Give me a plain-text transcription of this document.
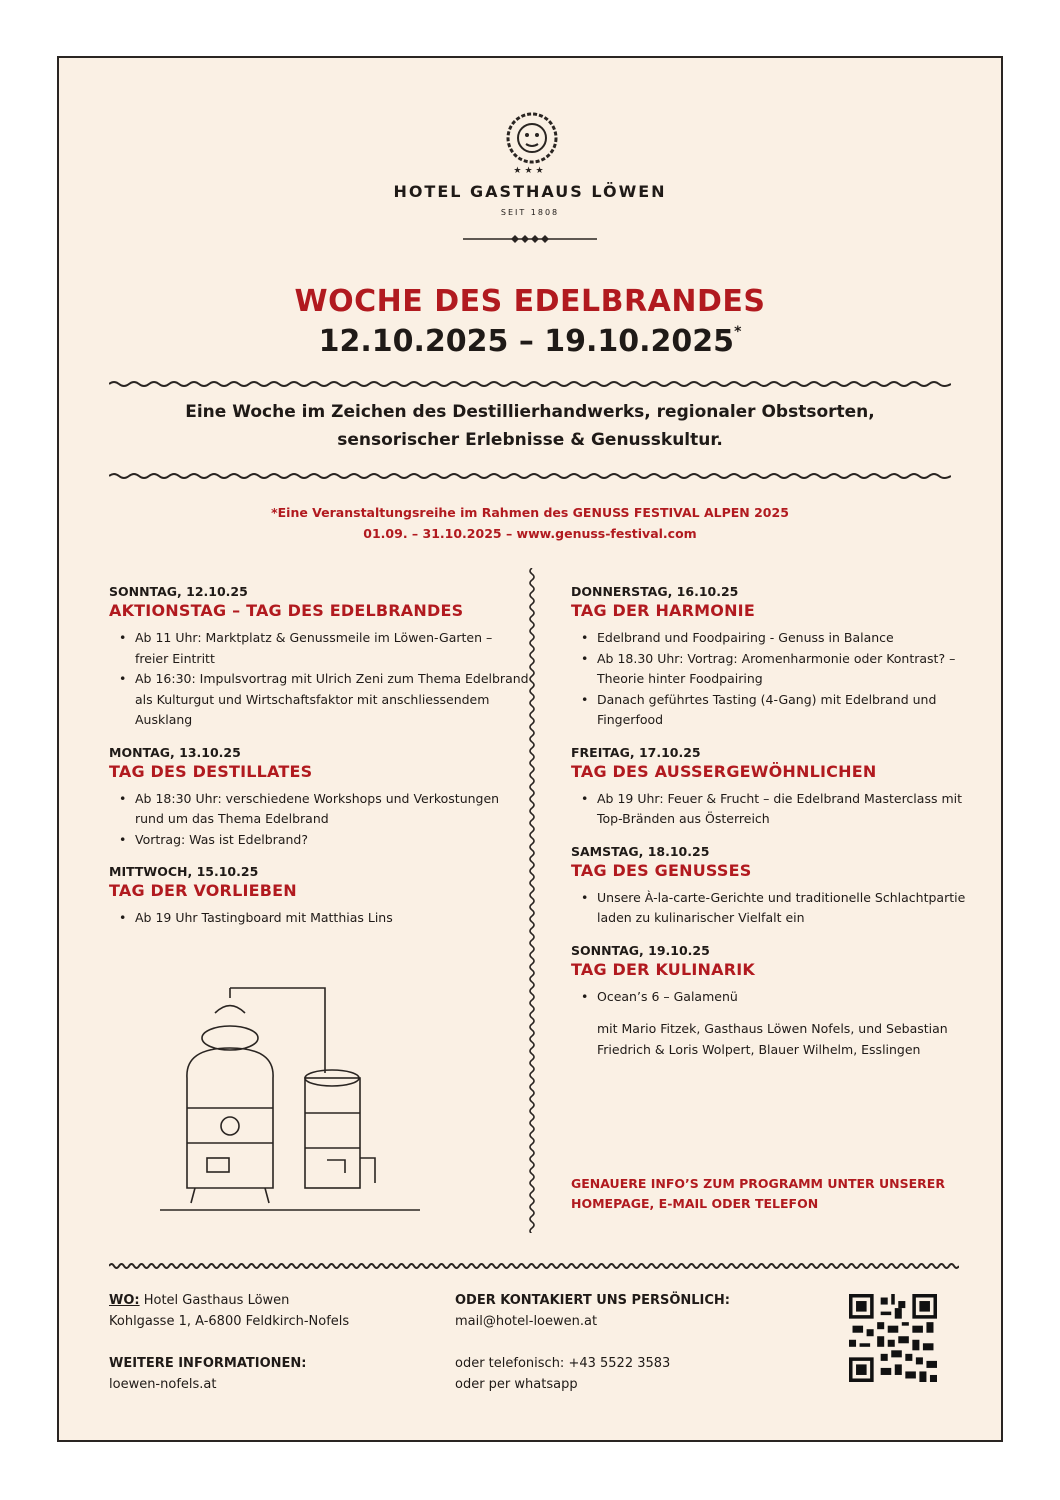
★★★
HOTEL GASTHAUS LÖWEN
SEIT 1808
WOCHE DES EDELBRANDES
12.10.2025 – 19.10.2025*
Eine Woche im Zeichen des Destillierhandwerks, regionaler Obstsorten,
sensorischer Erlebnisse & Genusskultur.
*Eine Veranstaltungsreihe im Rahmen des GENUSS FESTIVAL ALPEN 2025
01.09. – 31.10.2025 – www.genuss-festival.com
SONNTAG, 12.10.25
AKTIONSTAG – TAG DES EDELBRANDES
• Ab 11 Uhr: Marktplatz & Genussmeile im Löwen-Garten – freier Eintritt
• Ab 16:30: Impulsvortrag mit Ulrich Zeni zum Thema Edelbrand als Kulturgut und Wirtschaftsfaktor mit anschliessendem Ausklang
MONTAG, 13.10.25
TAG DES DESTILLATES
• Ab 18:30 Uhr: verschiedene Workshops und Verkostungen rund um das Thema Edelbrand
• Vortrag: Was ist Edelbrand?
MITTWOCH, 15.10.25
TAG DER VORLIEBEN
• Ab 19 Uhr Tastingboard mit Matthias Lins
DONNERSTAG, 16.10.25
TAG DER HARMONIE
• Edelbrand und Foodpairing - Genuss in Balance
• Ab 18.30 Uhr: Vortrag: Aromenharmonie oder Kontrast? – Theorie hinter Foodpairing
• Danach geführtes Tasting (4-Gang) mit Edelbrand und Fingerfood
FREITAG, 17.10.25
TAG DES AUSSERGEWÖHNLICHEN
• Ab 19 Uhr: Feuer & Frucht – die Edelbrand Masterclass mit Top-Bränden aus Österreich
SAMSTAG, 18.10.25
TAG DES GENUSSES
• Unsere À-la-carte-Gerichte und traditionelle Schlachtpartie laden zu kulinarischer Vielfalt ein
SONNTAG, 19.10.25
TAG DER KULINARIK
• Ocean’s 6 – Galamenü
mit Mario Fitzek, Gasthaus Löwen Nofels, und Sebastian Friedrich & Loris Wolpert, Blauer Wilhelm, Esslingen
GENAUERE INFO’S ZUM PROGRAMM UNTER UNSERER HOMEPAGE, E-MAIL ODER TELEFON
WO: Hotel Gasthaus Löwen
Kohlgasse 1, A-6800 Feldkirch-Nofels
WEITERE INFORMATIONEN:
loewen-nofels.at
ODER KONTAKIERT UNS PERSÖNLICH:
mail@hotel-loewen.at
oder telefonisch: +43 5522 3583
oder per whatsapp
